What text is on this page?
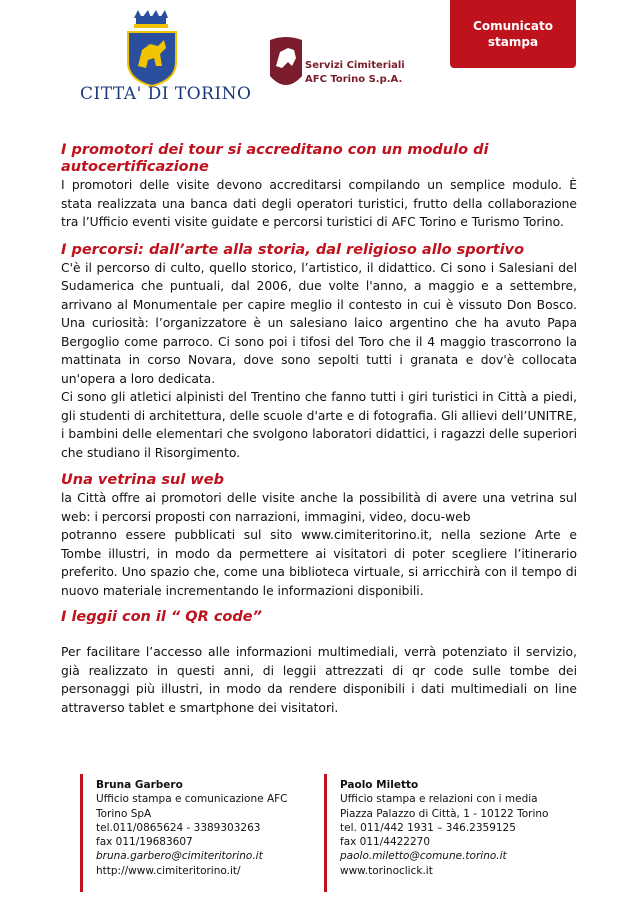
Comunicato
stampa
CITTA' DI TORINO
Servizi Cimiteriali
AFC Torino S.p.A.
I promotori dei tour si accreditano con un modulo di autocertificazione

I promotori delle visite devono accreditarsi compilando un semplice modulo. È stata realizzata una banca dati degli operatori turistici, frutto della collaborazione tra l’Ufficio eventi visite guidate e percorsi turistici di AFC Torino e Turismo Torino.

I percorsi: dall’arte alla storia, dal religioso allo sportivo

C'è il percorso di culto, quello storico, l’artistico, il didattico. Ci sono i Salesiani del Sudamerica che puntuali, dal 2006, due volte l'anno, a maggio e a settembre, arrivano al Monumentale per capire meglio il contesto in cui è vissuto Don Bosco. Una curiosità: l’organizzatore è un salesiano laico argentino che ha avuto Papa Bergoglio come parroco. Ci sono poi i tifosi del Toro che il 4 maggio trascorrono la mattinata in corso Novara, dove sono sepolti tutti i granata e dov'è collocata un'opera a loro dedicata.

Ci sono gli atletici alpinisti del Trentino che fanno tutti i giri turistici in Città a piedi, gli studenti di architettura, delle scuole d'arte e di fotografia. Gli allievi dell’UNITRE, i bambini delle elementari che svolgono laboratori didattici, i ragazzi delle superiori che studiano il Risorgimento.

Una vetrina sul web

la Città offre ai promotori delle visite anche la possibilità di avere una vetrina sul web: i percorsi proposti con narrazioni, immagini, video, docu-web

potranno essere pubblicati sul sito www.cimiteritorino.it, nella sezione Arte e Tombe illustri, in modo da permettere ai visitatori di poter scegliere l’itinerario preferito. Uno spazio che, come una biblioteca virtuale, si arricchirà con il tempo di nuovo materiale incrementando le informazioni disponibili.

I leggii con il “ QR code”

Per facilitare l’accesso alle informazioni multimediali, verrà potenziato il servizio, già realizzato in questi anni, di leggii attrezzati di qr code sulle tombe dei personaggi più illustri, in modo da rendere disponibili i dati multimediali on line attraverso tablet e smartphone dei visitatori.

Bruna Garbero
Ufficio stampa e comunicazione AFC
Torino SpA
tel.011/0865624 - 3389303263
fax 011/19683607
bruna.garbero@cimiteritorino.it
http://www.cimiteritorino.it/
Paolo Miletto
Ufficio stampa e relazioni con i media
Piazza Palazzo di Città, 1 - 10122 Torino
tel. 011/442 1931 – 346.2359125
fax 011/4422270
paolo.miletto@comune.torino.it
www.torinoclick.it
